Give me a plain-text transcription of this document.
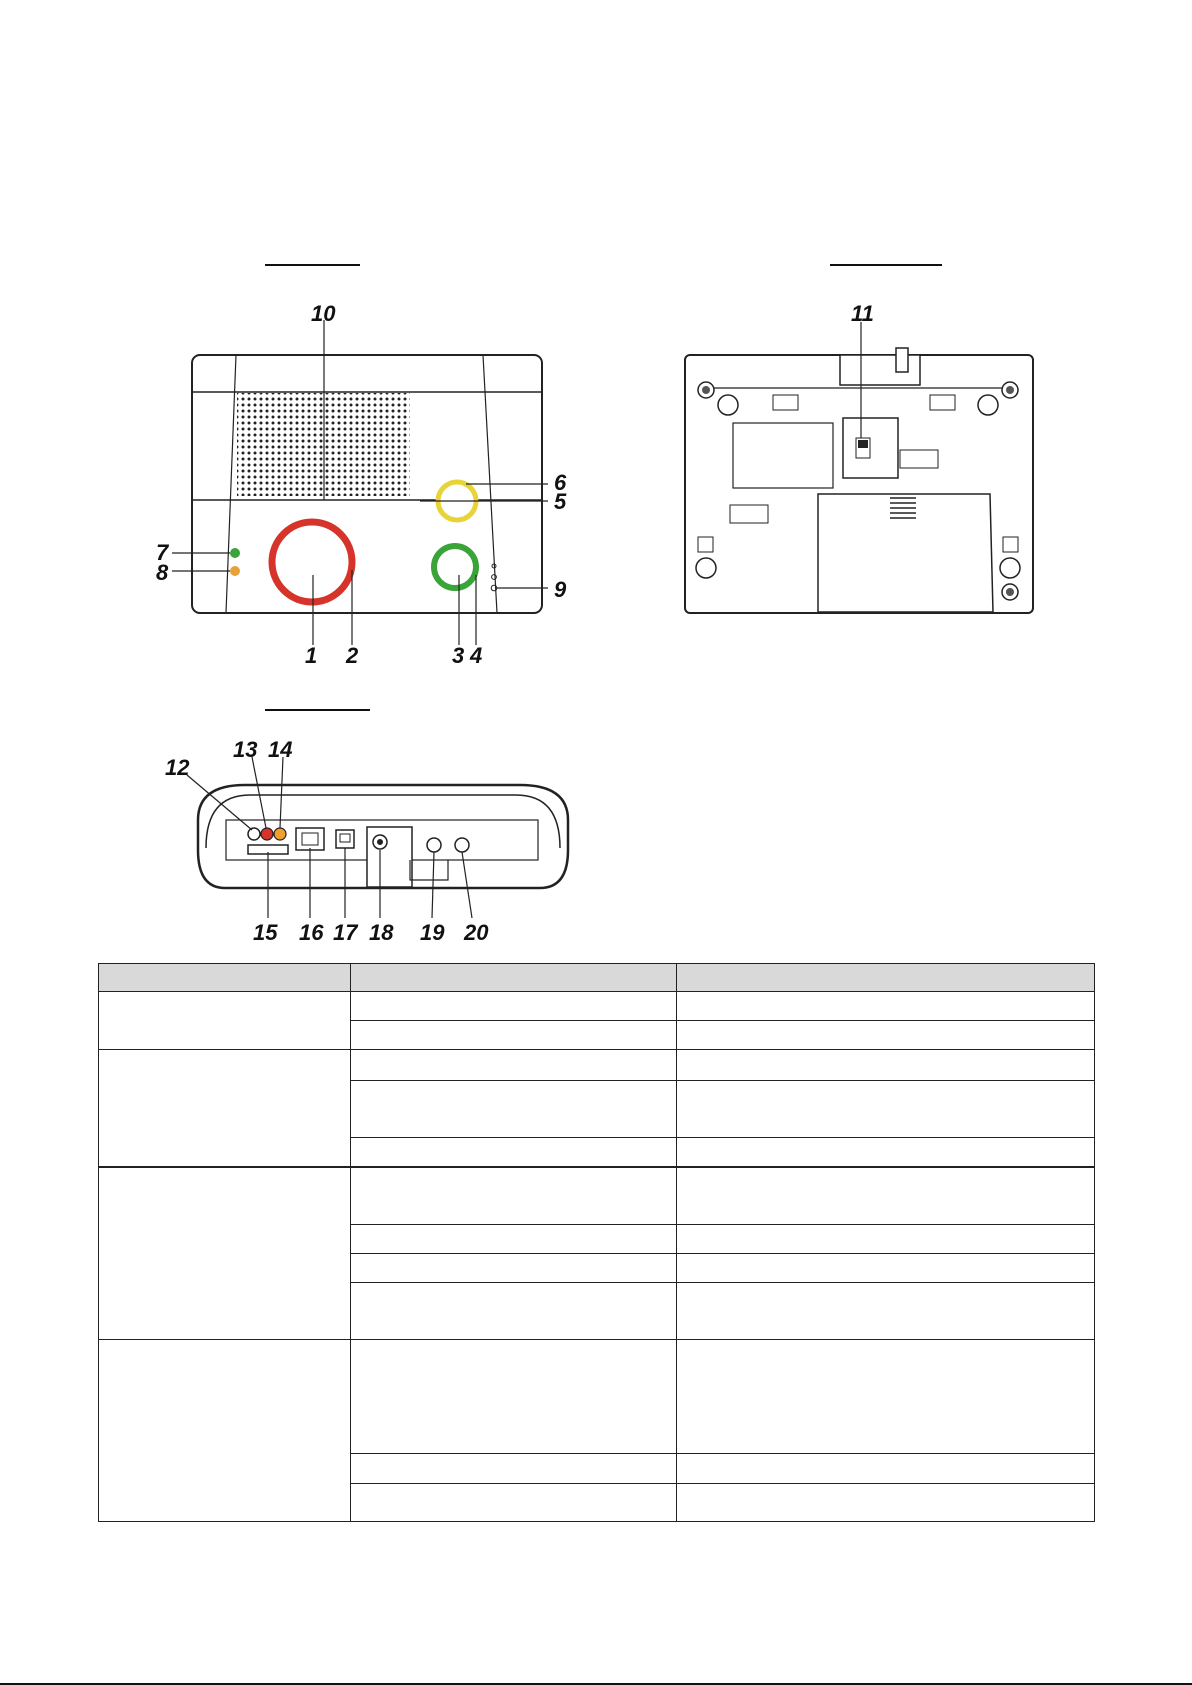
10
7
8
1 2	3 4
6
5
9
11
12
13 14
15 16 17 18 19 20
